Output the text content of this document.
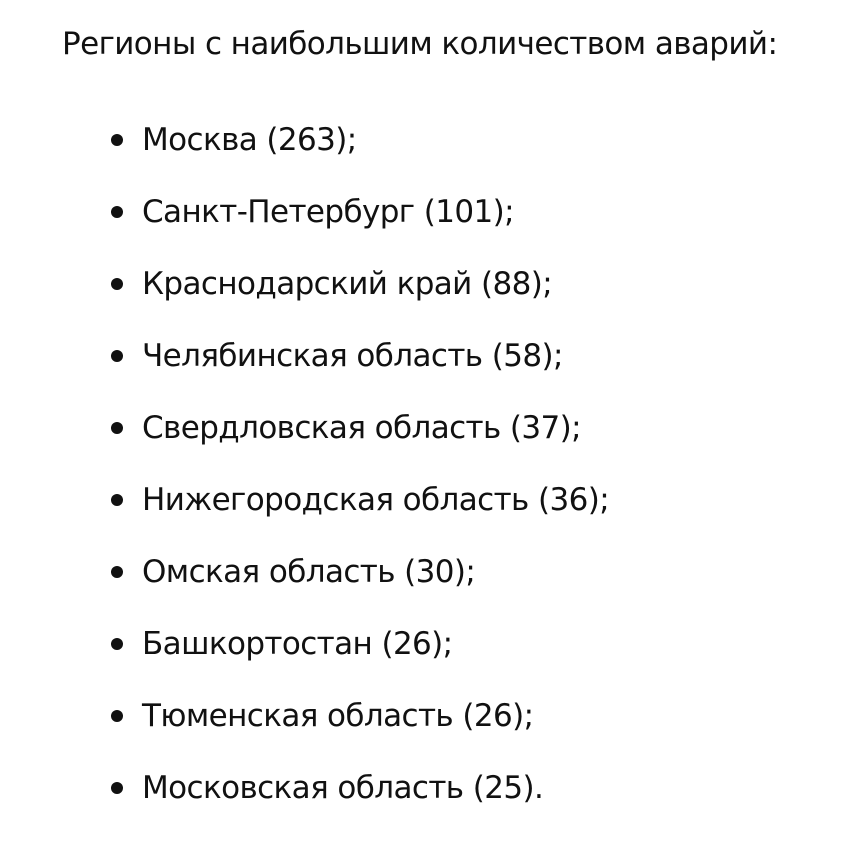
Регионы с наибольшим количеством аварий:

Москва (263);
Санкт-Петербург (101);
Краснодарский край (88);
Челябинская область (58);
Свердловская область (37);
Нижегородская область (36);
Омская область (30);
Башкортостан (26);
Тюменская область (26);
Московская область (25).
